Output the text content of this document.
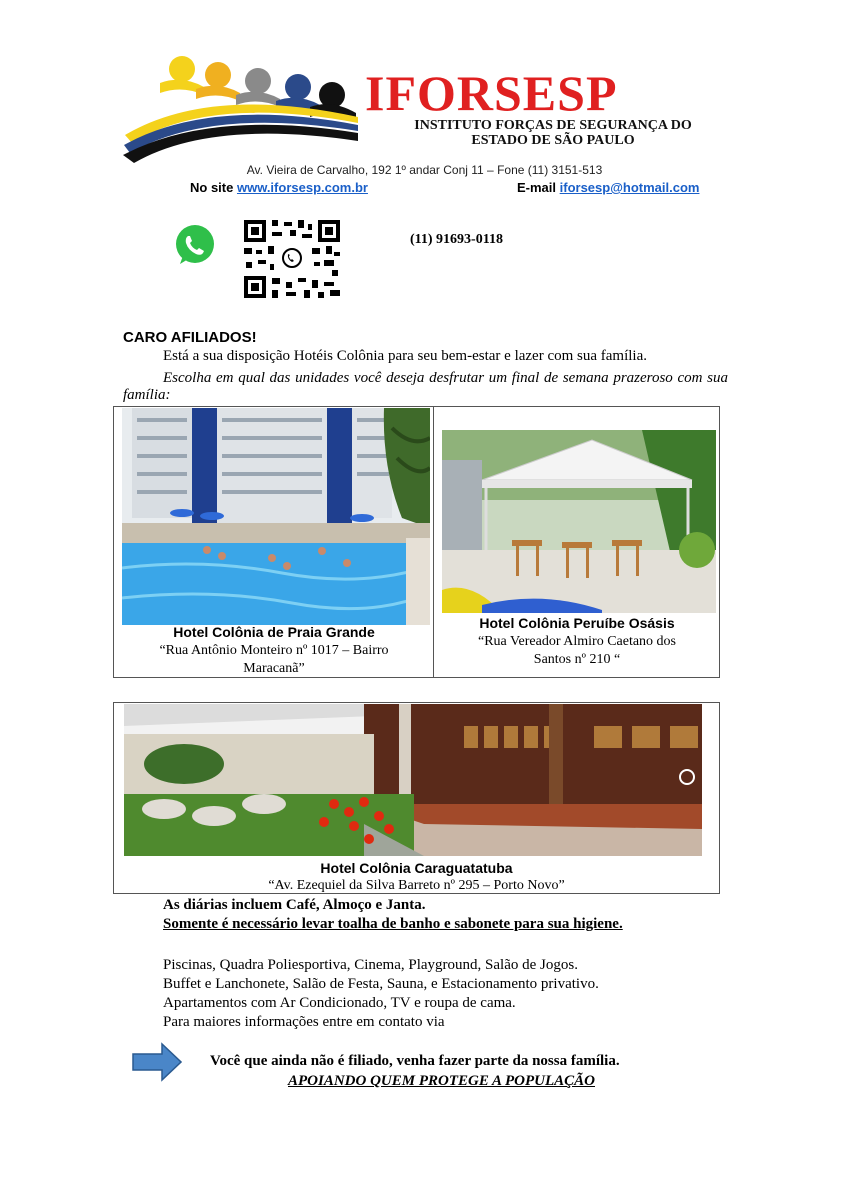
IFORSESP
INSTITUTO FORÇAS DE SEGURANÇA DO
ESTADO DE SÃO PAULO
Av. Vieira de Carvalho, 192 1º andar Conj 11 – Fone (11) 3151-513
No site www.iforsesp.com.br	E-mail iforsesp@hotmail.com
(11) 91693-0118
CARO AFILIADOS!
Está a sua disposição Hotéis Colônia para seu bem-estar e lazer com sua família.
Escolha em qual das unidades você deseja desfrutar um final de semana prazeroso com sua família:
Hotel Colônia de Praia Grande
“Rua Antônio Monteiro nº 1017 – Bairro
Maracanã”
Hotel Colônia Peruíbe Osásis
“Rua Vereador Almiro Caetano dos
Santos nº 210 “
Hotel Colônia Caraguatatuba
“Av. Ezequiel da Silva Barreto nº 295 – Porto Novo”
As diárias incluem Café, Almoço e Janta.
Somente é necessário levar toalha de banho e sabonete para sua higiene.
Piscinas, Quadra Poliesportiva, Cinema, Playground, Salão de Jogos.
Buffet e Lanchonete, Salão de Festa, Sauna, e Estacionamento privativo.
Apartamentos com Ar Condicionado, TV e roupa de cama.
Para maiores informações entre em contato via
Você que ainda não é filiado, venha fazer parte da nossa família.
APOIANDO QUEM PROTEGE A POPULAÇÃO
